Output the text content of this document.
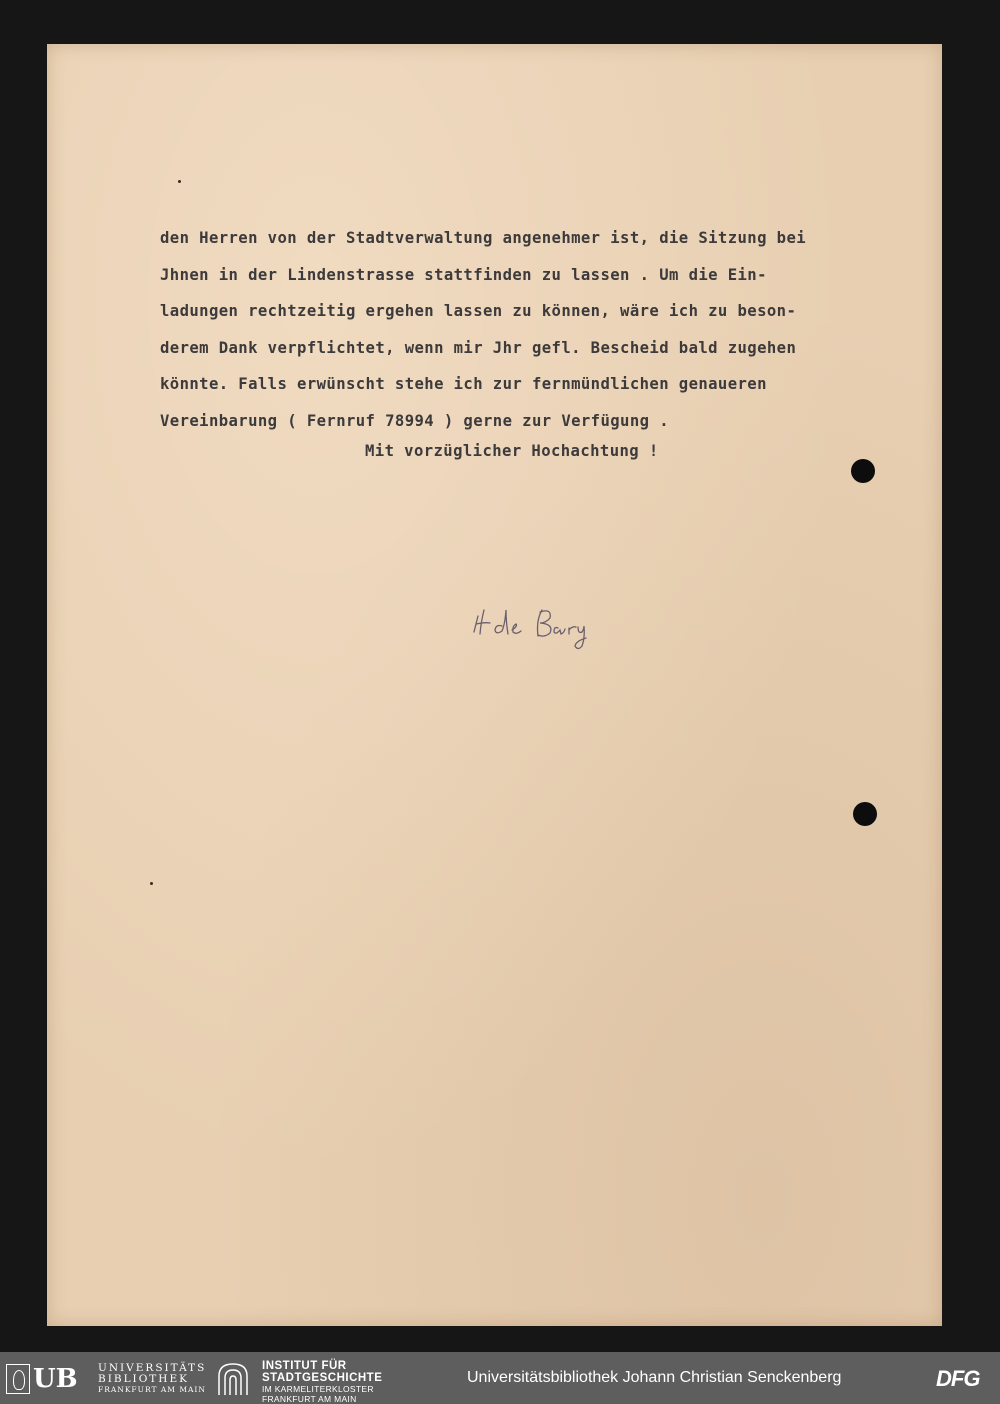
den Herren von der Stadtverwaltung angenehmer ist, die Sitzung bei
Jhnen in der Lindenstrasse stattfinden zu lassen . Um die Ein-
ladungen rechtzeitig ergehen lassen zu können, wäre ich zu beson-
derem Dank verpflichtet, wenn mir Jhr gefl. Bescheid bald zugehen
könnte. Falls erwünscht stehe ich zur fernmündlichen genaueren
Vereinbarung ( Fernruf 78994 ) gerne zur Verfügung .
Mit vorzüglicher Hochachtung !
UB UNIVERSITÄTS
BIBLIOTHEK
FRANKFURT AM MAIN
INSTITUT FÜR
STADTGESCHICHTE
IM KARMELITERKLOSTER
FRANKFURT AM MAIN
Universitätsbibliothek Johann Christian Senckenberg	DFG
